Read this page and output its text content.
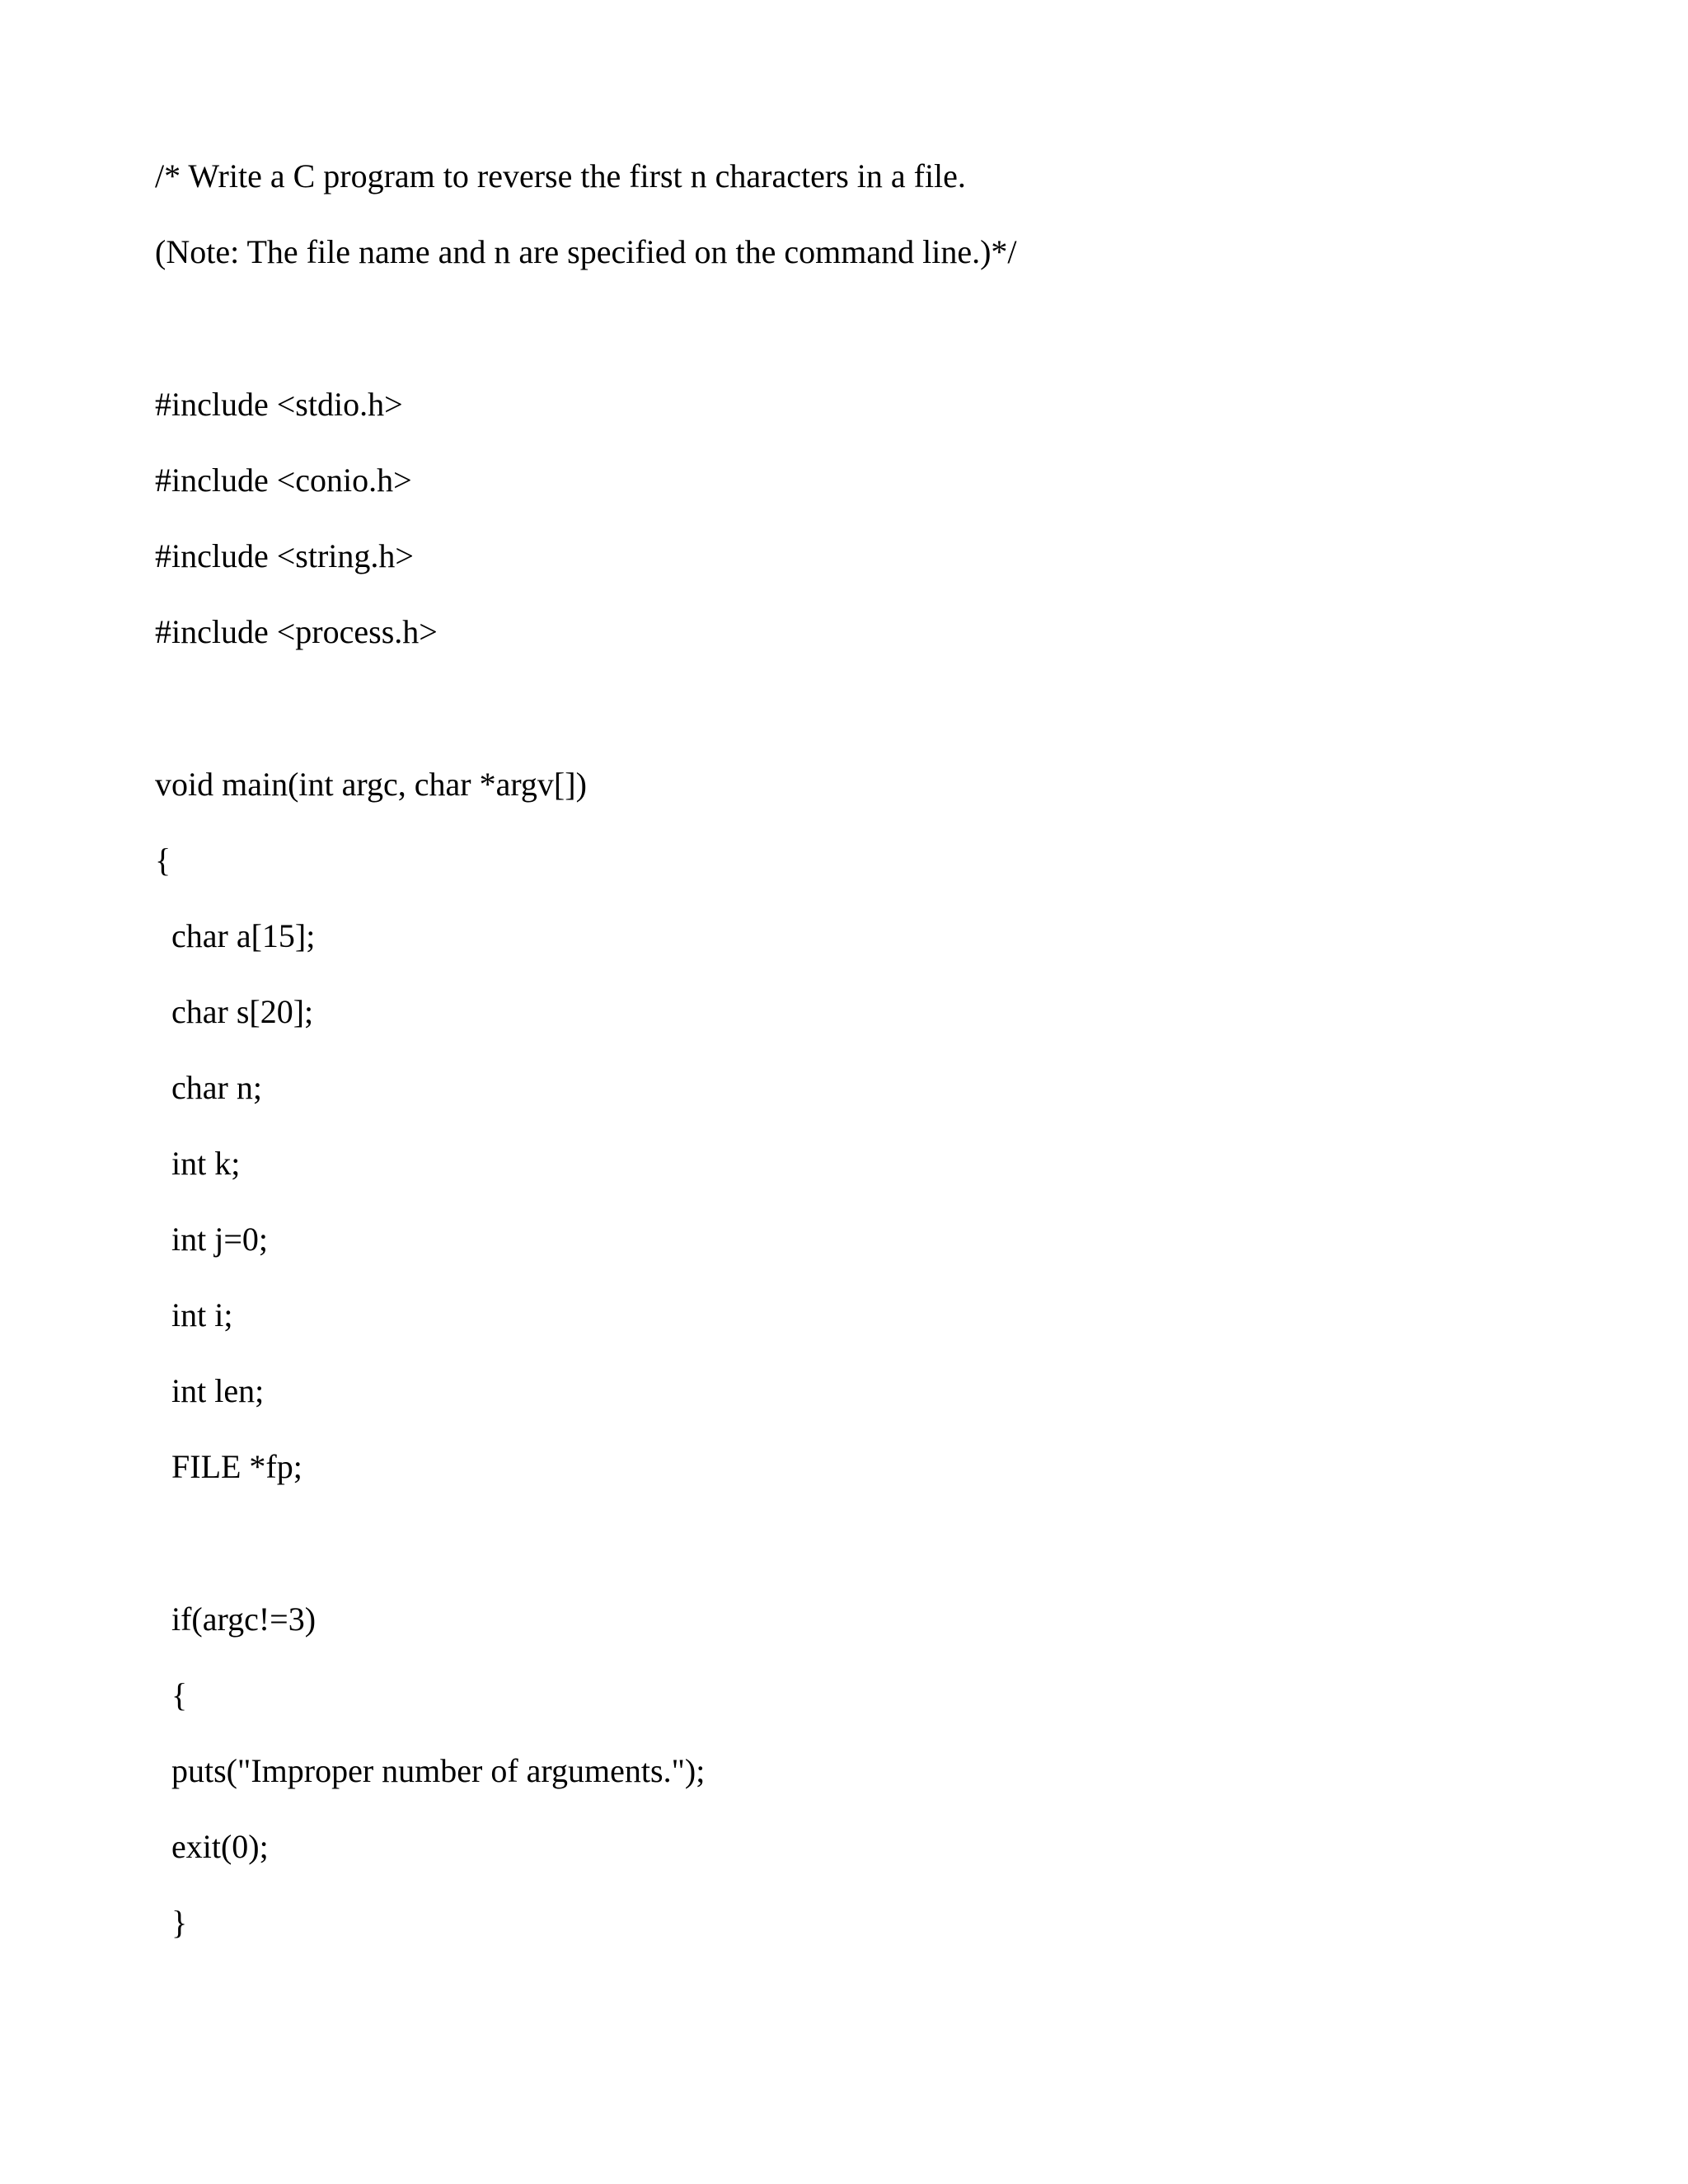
/* Write a C program to reverse the first n characters in a file.

(Note: The file name and n are specified on the command line.)*/

#include <stdio.h>

#include <conio.h>

#include <string.h>

#include <process.h>

void main(int argc, char *argv[])

{

char a[15];

char s[20];

char n;

int k;

int j=0;

int i;

int len;

FILE *fp;

if(argc!=3)

{

puts("Improper number of arguments.");

exit(0);

}
